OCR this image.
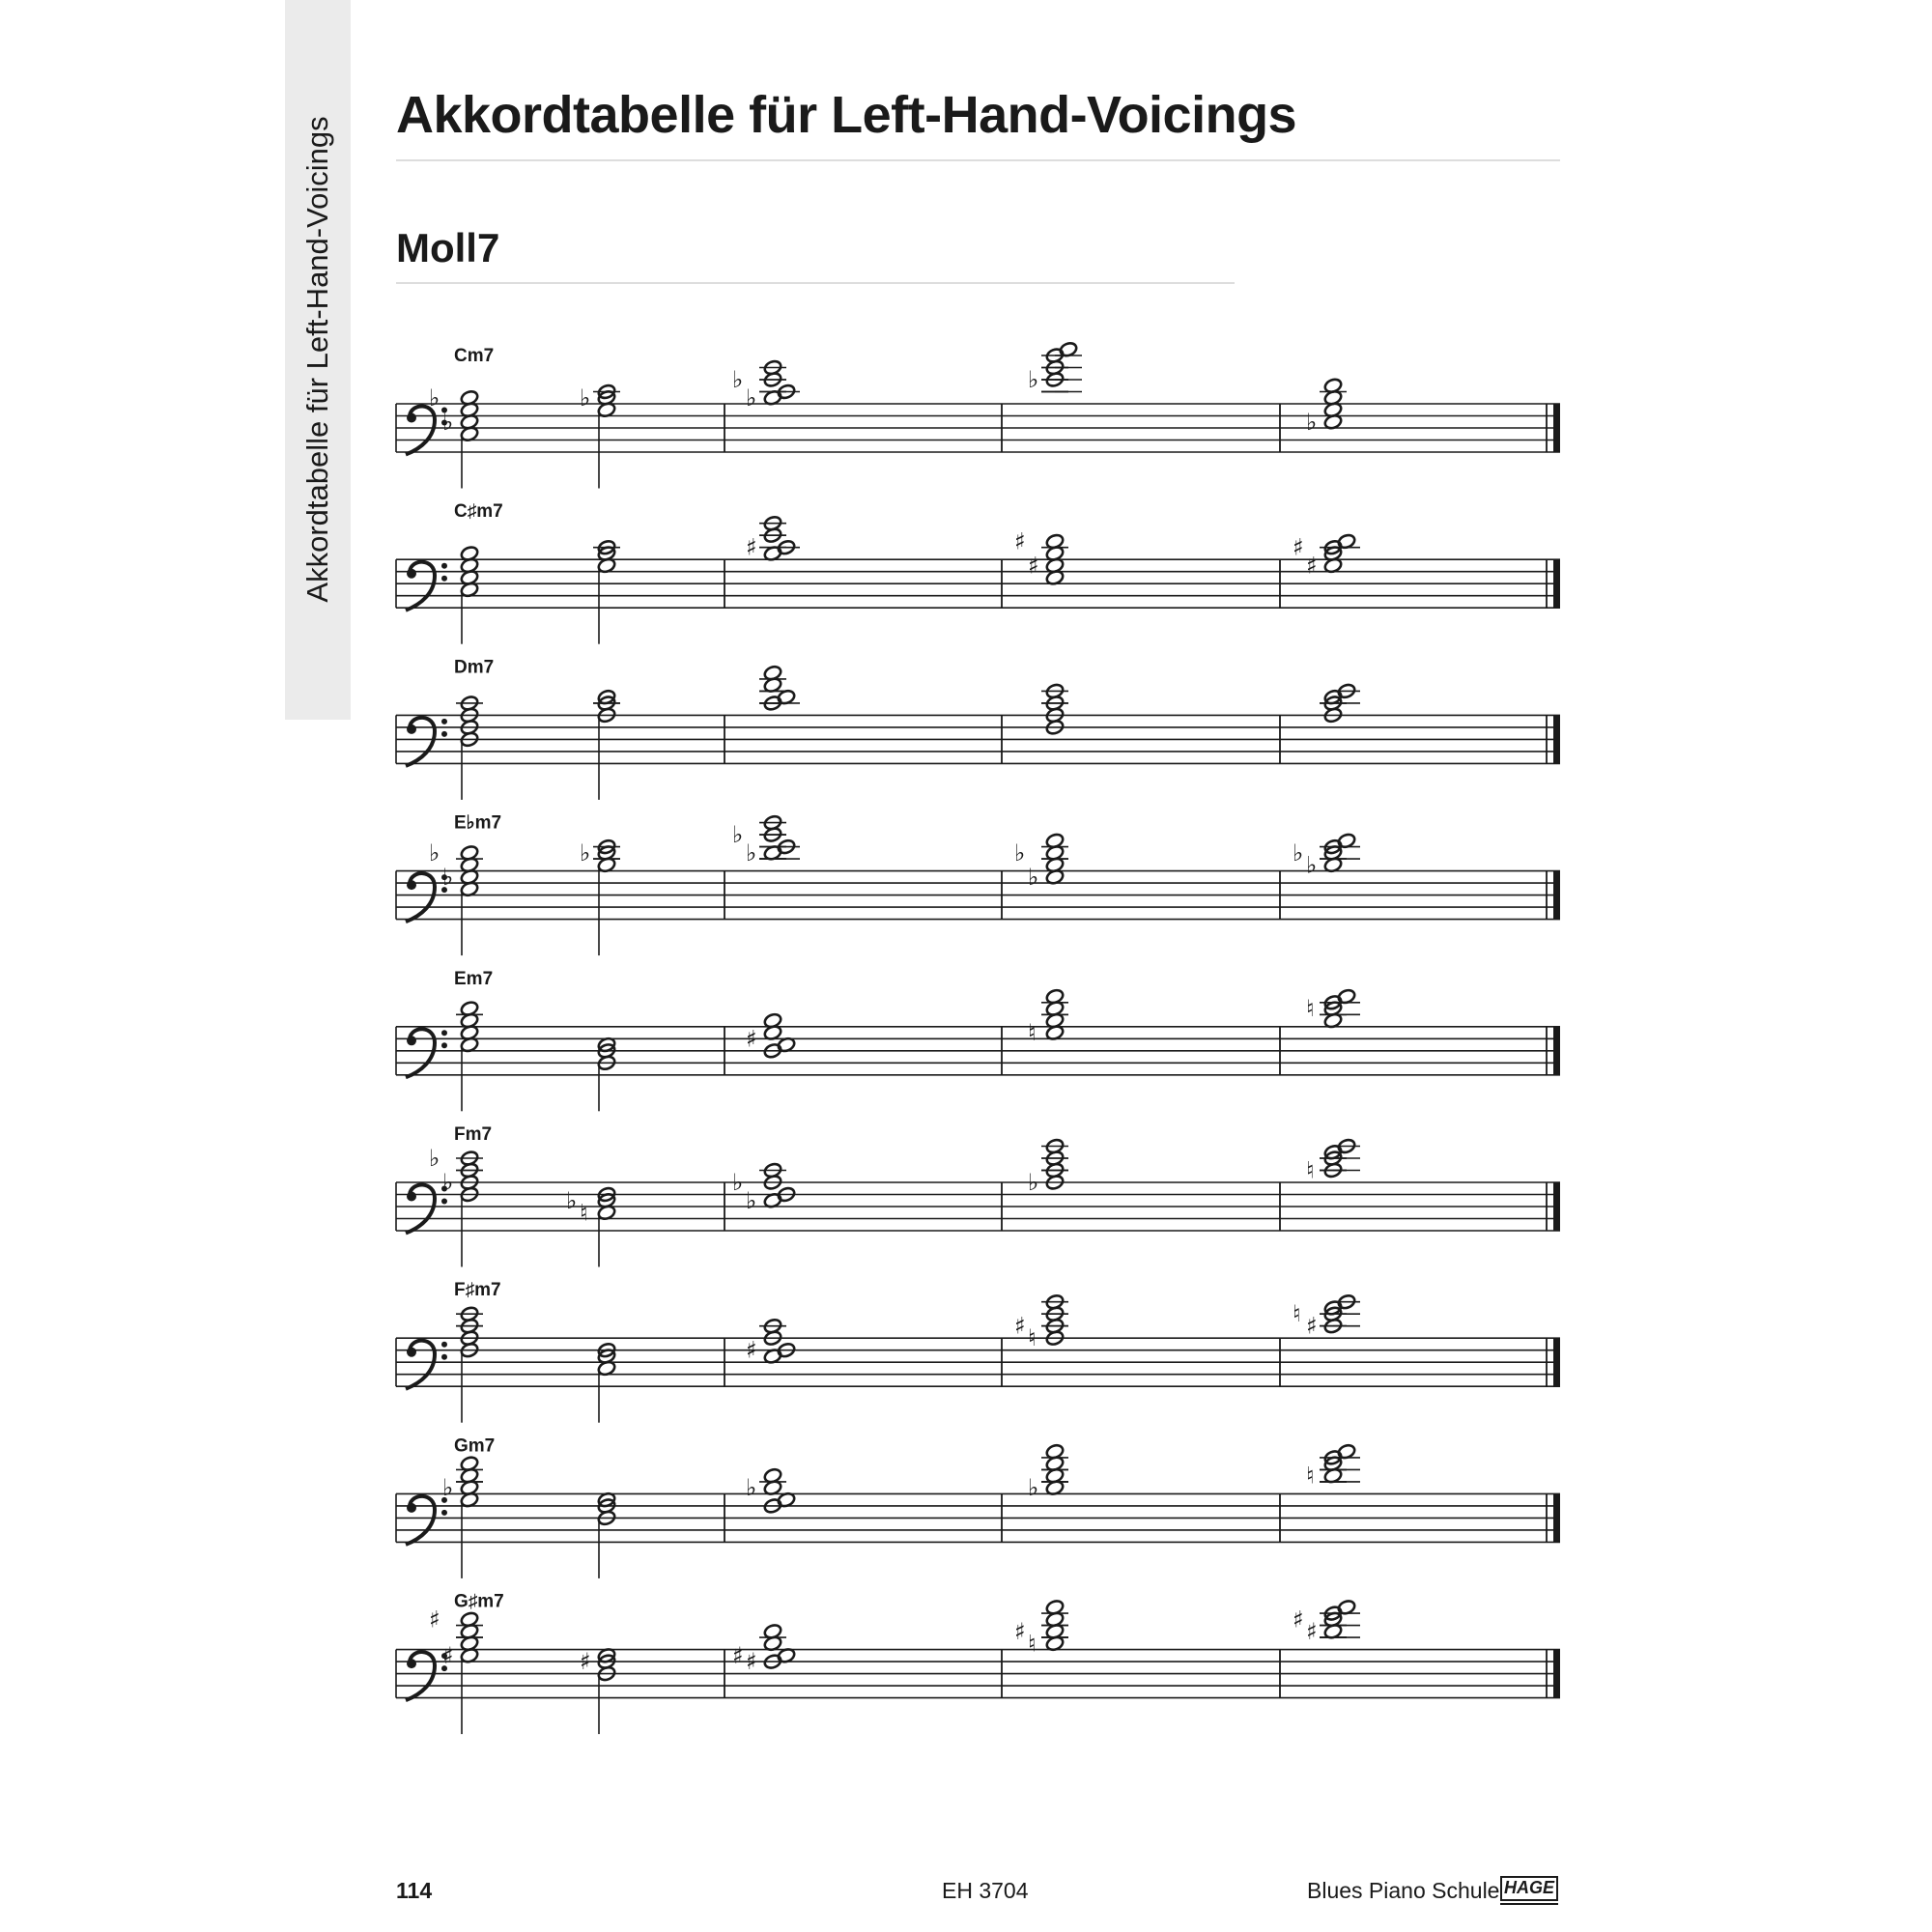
Akkordtabelle für Left-Hand-Voicings
Akkordtabelle für Left-Hand-Voicings
Moll7
Cm7
♭
♭	♭	♭
♭	♭
♭
C♯m7
♯
♯
♯
♯
♯
Dm7
E♭m7
♭
♭	♭	♭
♭
♭
♭	♭
♭
Em7
♯	♮
♮
Fm7
♭
♭
♮
♭	♭
♭	♭	♮
F♯m7
♯	♮
♯	♯
♮
Gm7
♭	♭	♭	♮
G♯m7
♯
♯
♯	♯
♯	♮
♯	♯
♯
114	EH 3704	Blues Piano Schule HAGE
